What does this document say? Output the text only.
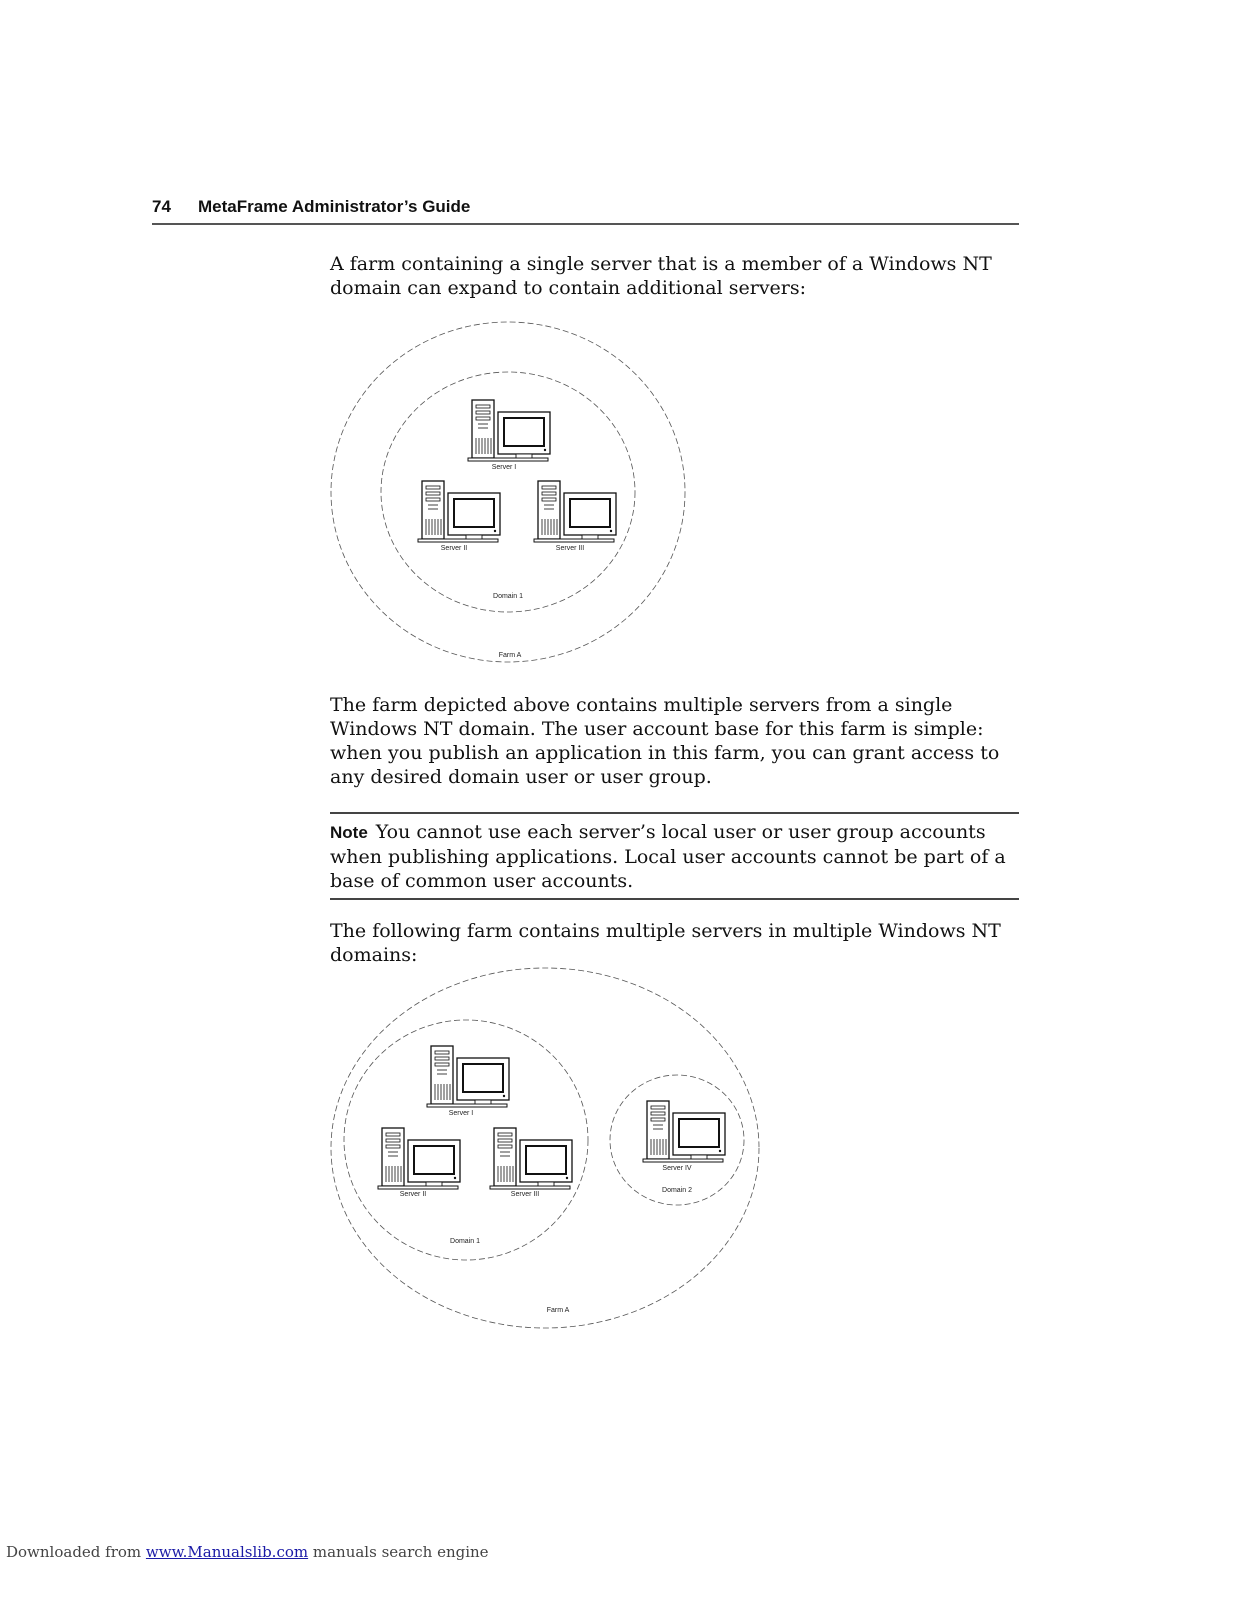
74 MetaFrame Administrator’s Guide

A farm containing a single server that is a member of a Windows NT domain can expand to contain additional servers:

Server I
Server II	Server III
Domain 1
Farm A
Server I
Server II	Server III
Server IV
Domain 2
Domain 1
Farm A

The farm depicted above contains multiple servers from a single Windows NT domain. The user account base for this farm is simple: when you publish an application in this farm, you can grant access to any desired domain user or user group.

Note You cannot use each server’s local user or user group accounts when publishing applications. Local user accounts cannot be part of a base of common user accounts.

The following farm contains multiple servers in multiple Windows NT domains:

Downloaded from www.Manualslib.com manuals search engine
